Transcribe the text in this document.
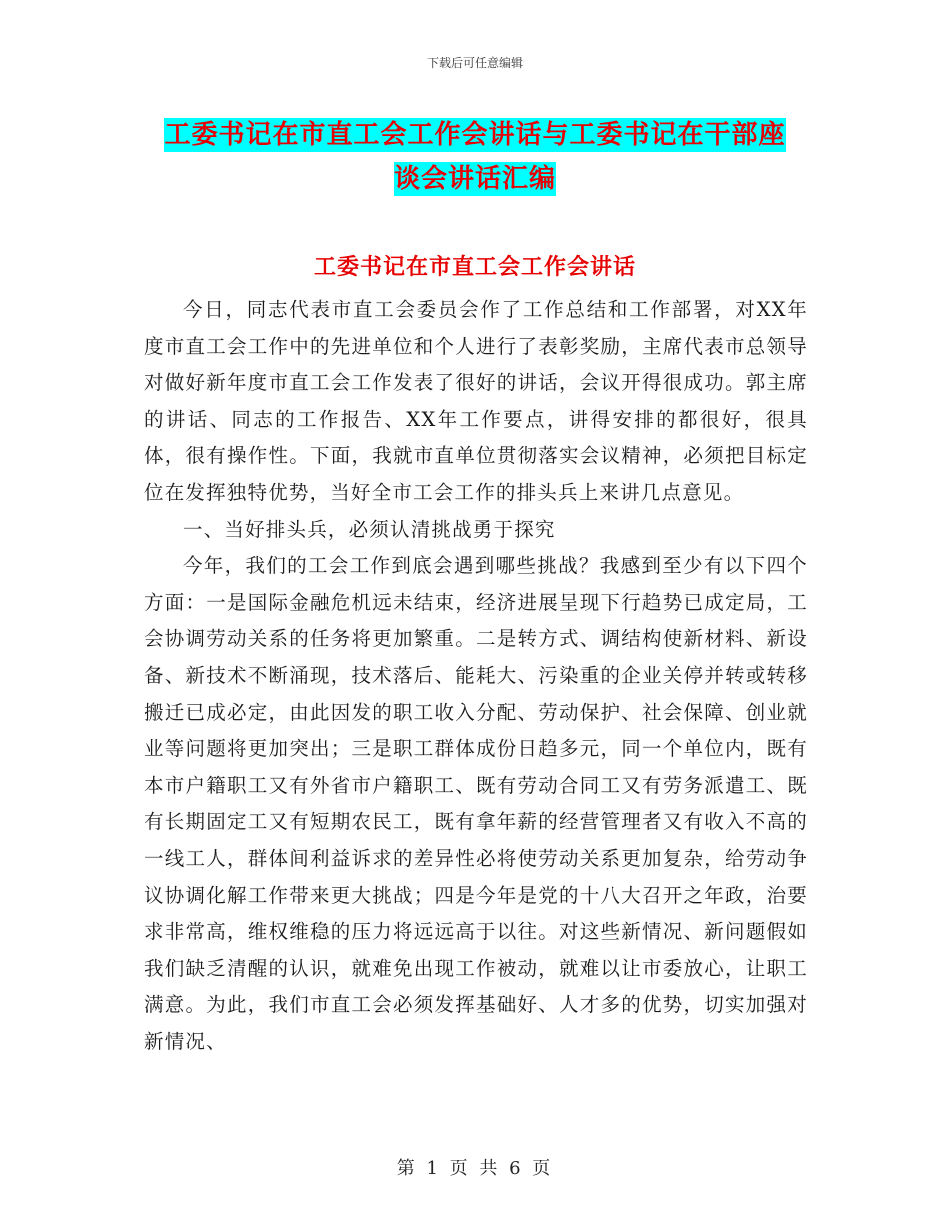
下载后可任意编辑
工委书记在市直工会工作会讲话与工委书记在干部座
谈会讲话汇编
工委书记在市直工会工作会讲话

今日，同志代表市直工会委员会作了工作总结和工作部署，对XX年度市直工会工作中的先进单位和个人进行了表彰奖励，主席代表市总领导对做好新年度市直工会工作发表了很好的讲话，会议开得很成功。郭主席的讲话、同志的工作报告、XX年工作要点，讲得安排的都很好，很具体，很有操作性。下面，我就市直单位贯彻落实会议精神，必须把目标定位在发挥独特优势，当好全市工会工作的排头兵上来讲几点意见。

一、当好排头兵，必须认清挑战勇于探究

今年，我们的工会工作到底会遇到哪些挑战？我感到至少有以下四个方面：一是国际金融危机远未结束，经济进展呈现下行趋势已成定局，工会协调劳动关系的任务将更加繁重。二是转方式、调结构使新材料、新设备、新技术不断涌现，技术落后、能耗大、污染重的企业关停并转或转移搬迁已成必定，由此因发的职工收入分配、劳动保护、社会保障、创业就业等问题将更加突出；三是职工群体成份日趋多元，同一个单位内，既有本市户籍职工又有外省市户籍职工、既有劳动合同工又有劳务派遣工、既有长期固定工又有短期农民工，既有拿年薪的经营管理者又有收入不高的一线工人，群体间利益诉求的差异性必将使劳动关系更加复杂，给劳动争议协调化解工作带来更大挑战；四是今年是党的十八大召开之年政，治要求非常高，维权维稳的压力将远远高于以往。对这些新情况、新问题假如我们缺乏清醒的认识，就难免出现工作被动，就难以让市委放心，让职工满意。为此，我们市直工会必须发挥基础好、人才多的优势，切实加强对新情况、

第 1 页 共 6 页
